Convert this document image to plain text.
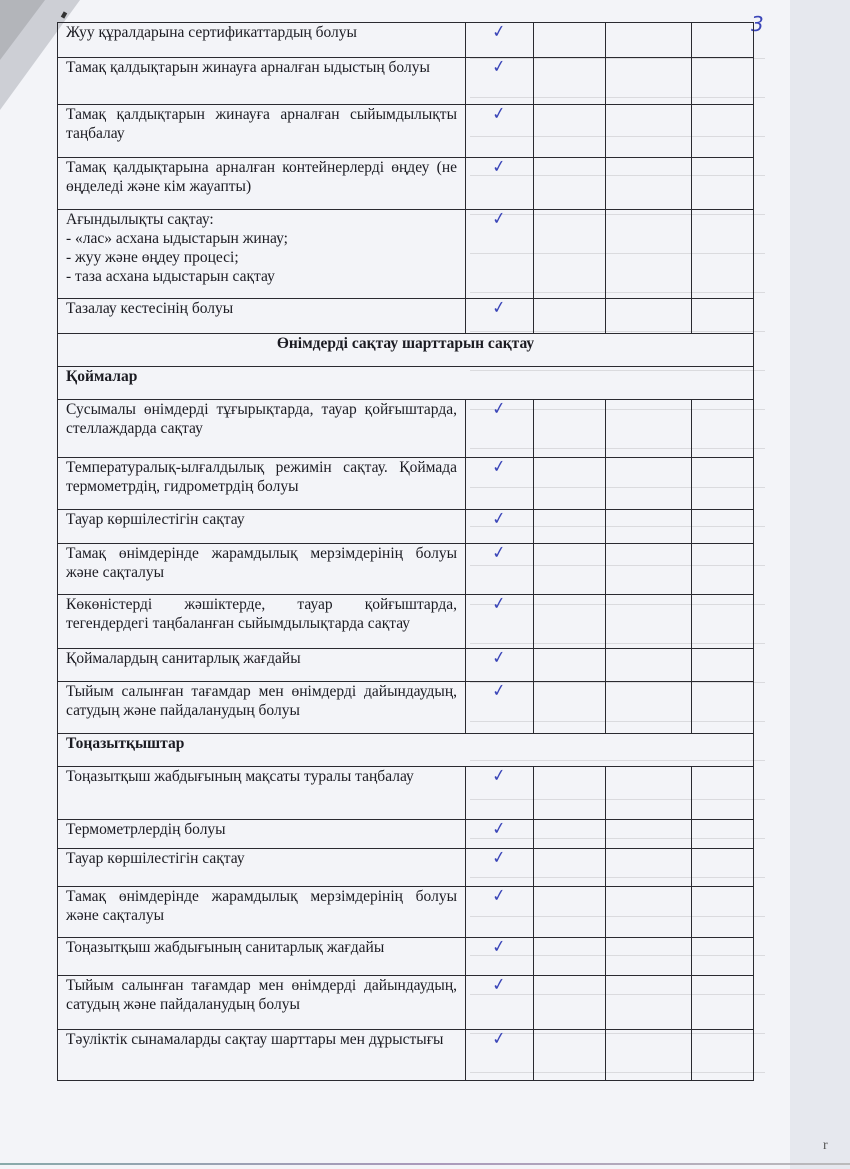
3
Жуу құралдарына сертификаттардың болуы	✓			
Тамақ қалдықтарын жинауға арналған ыдыстың болуы	✓			
Тамақ қалдықтарын жинауға арналған сыйымдылықты таңбалау	✓			
Тамақ қалдықтарына арналған контейнерлерді өңдеу (не өңделеді және кім жауапты)	✓			
Ағындылықты сақтау:
- «лас» асхана ыдыстарын жинау;
- жуу және өңдеу процесі;
- таза асхана ыдыстарын сақтау	✓			
Тазалау кестесінің болуы	✓			
Өнімдерді сақтау шарттарын сақтау				
Қоймалар				
Сусымалы өнімдерді тұғырықтарда, тауар қойғыштарда, стеллаждарда сақтау	✓			
Температуралық-ылғалдылық режимін сақтау. Қоймада термометрдің, гидрометрдің болуы	✓			
Тауар көршілестігін сақтау	✓			
Тамақ өнімдерінде жарамдылық мерзімдерінің болуы және сақталуы	✓			
Көкөністерді жәшіктерде, тауар қойғыштарда, тегендердегі таңбаланған сыйымдылықтарда сақтау	✓			
Қоймалардың санитарлық жағдайы	✓			
Тыйым салынған тағамдар мен өнімдерді дайындаудың, сатудың және пайдаланудың болуы	✓			
Тоңазытқыштар				
Тоңазытқыш жабдығының мақсаты туралы таңбалау	✓			
Термометрлердің болуы	✓			
Тауар көршілестігін сақтау	✓			
Тамақ өнімдерінде жарамдылық мерзімдерінің болуы және сақталуы	✓			
Тоңазытқыш жабдығының санитарлық жағдайы	✓			
Тыйым салынған тағамдар мен өнімдерді дайындаудың, сатудың және пайдаланудың болуы	✓			
Тәуліктік сынамаларды сақтау шарттары мен дұрыстығы	✓			
r
